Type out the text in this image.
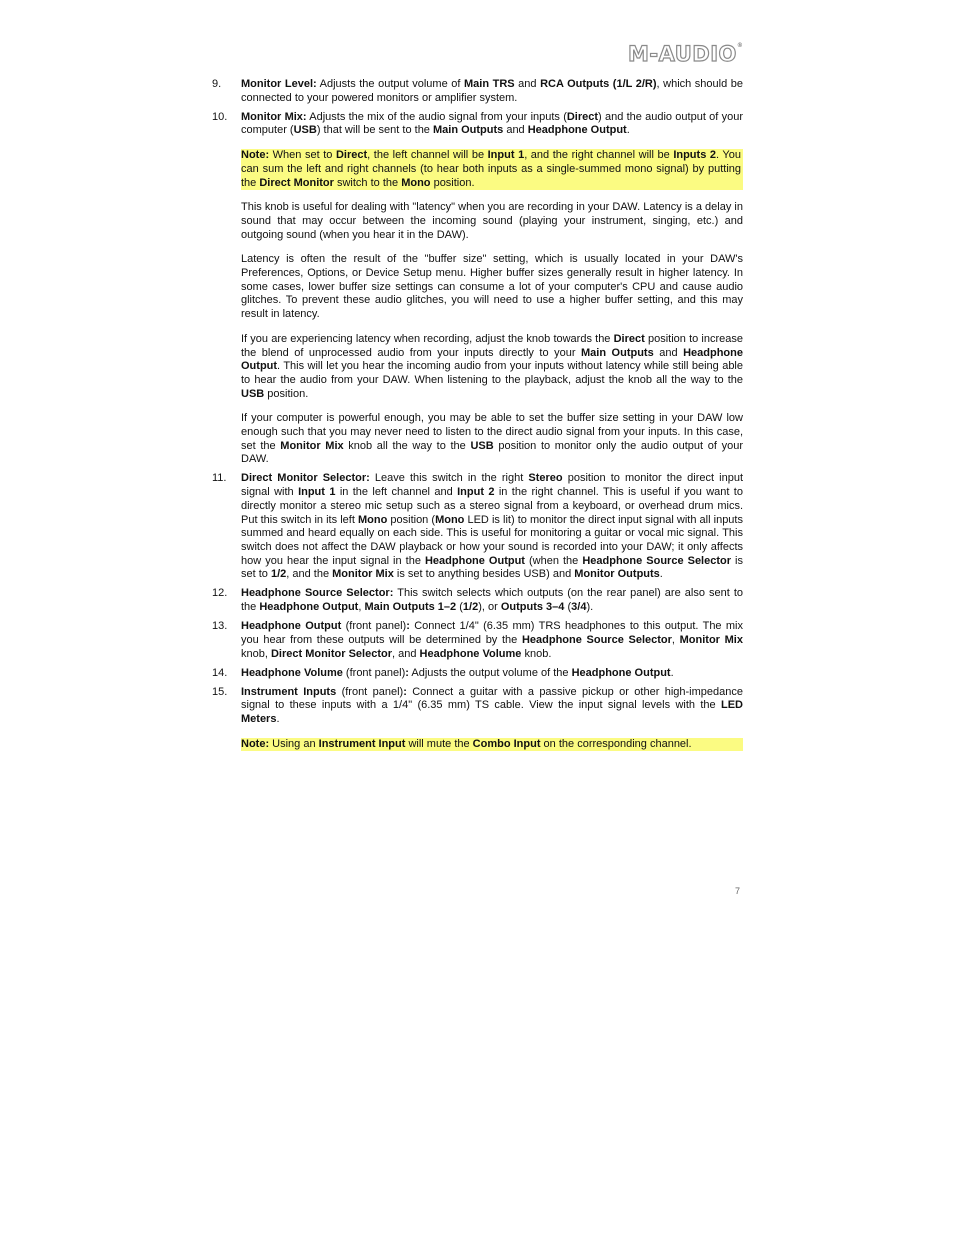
M-AUDIO®
9. Monitor Level: Adjusts the output volume of Main TRS and RCA Outputs (1/L 2/R), which should be connected to your powered monitors or amplifier system.

10. Monitor Mix: Adjusts the mix of the audio signal from your inputs (Direct) and the audio output of your computer (USB) that will be sent to the Main Outputs and Headphone Output.

Note: When set to Direct, the left channel will be Input 1, and the right channel will be Inputs 2. You can sum the left and right channels (to hear both inputs as a single-summed mono signal) by putting the Direct Monitor switch to the Mono position.

This knob is useful for dealing with "latency" when you are recording in your DAW. Latency is a delay in sound that may occur between the incoming sound (playing your instrument, singing, etc.) and outgoing sound (when you hear it in the DAW).

Latency is often the result of the "buffer size" setting, which is usually located in your DAW's Preferences, Options, or Device Setup menu. Higher buffer sizes generally result in higher latency. In some cases, lower buffer size settings can consume a lot of your computer's CPU and cause audio glitches. To prevent these audio glitches, you will need to use a higher buffer setting, and this may result in latency.

If you are experiencing latency when recording, adjust the knob towards the Direct position to increase the blend of unprocessed audio from your inputs directly to your Main Outputs and Headphone Output. This will let you hear the incoming audio from your inputs without latency while still being able to hear the audio from your DAW. When listening to the playback, adjust the knob all the way to the USB position.

If your computer is powerful enough, you may be able to set the buffer size setting in your DAW low enough such that you may never need to listen to the direct audio signal from your inputs. In this case, set the Monitor Mix knob all the way to the USB position to monitor only the audio output of your DAW.

11. Direct Monitor Selector: Leave this switch in the right Stereo position to monitor the direct input signal with Input 1 in the left channel and Input 2 in the right channel. This is useful if you want to directly monitor a stereo mic setup such as a stereo signal from a keyboard, or overhead drum mics. Put this switch in its left Mono position (Mono LED is lit) to monitor the direct input signal with all inputs summed and heard equally on each side. This is useful for monitoring a guitar or vocal mic signal. This switch does not affect the DAW playback or how your sound is recorded into your DAW; it only affects how you hear the input signal in the Headphone Output (when the Headphone Source Selector is set to 1/2, and the Monitor Mix is set to anything besides USB) and Monitor Outputs.

12. Headphone Source Selector: This switch selects which outputs (on the rear panel) are also sent to the Headphone Output, Main Outputs 1–2 (1/2), or Outputs 3–4 (3/4).

13. Headphone Output (front panel): Connect 1/4" (6.35 mm) TRS headphones to this output. The mix you hear from these outputs will be determined by the Headphone Source Selector, Monitor Mix knob, Direct Monitor Selector, and Headphone Volume knob.

14. Headphone Volume (front panel): Adjusts the output volume of the Headphone Output.

15. Instrument Inputs (front panel): Connect a guitar with a passive pickup or other high-impedance signal to these inputs with a 1/4" (6.35 mm) TS cable. View the input signal levels with the LED Meters.

Note: Using an Instrument Input will mute the Combo Input on the corresponding channel.

7
